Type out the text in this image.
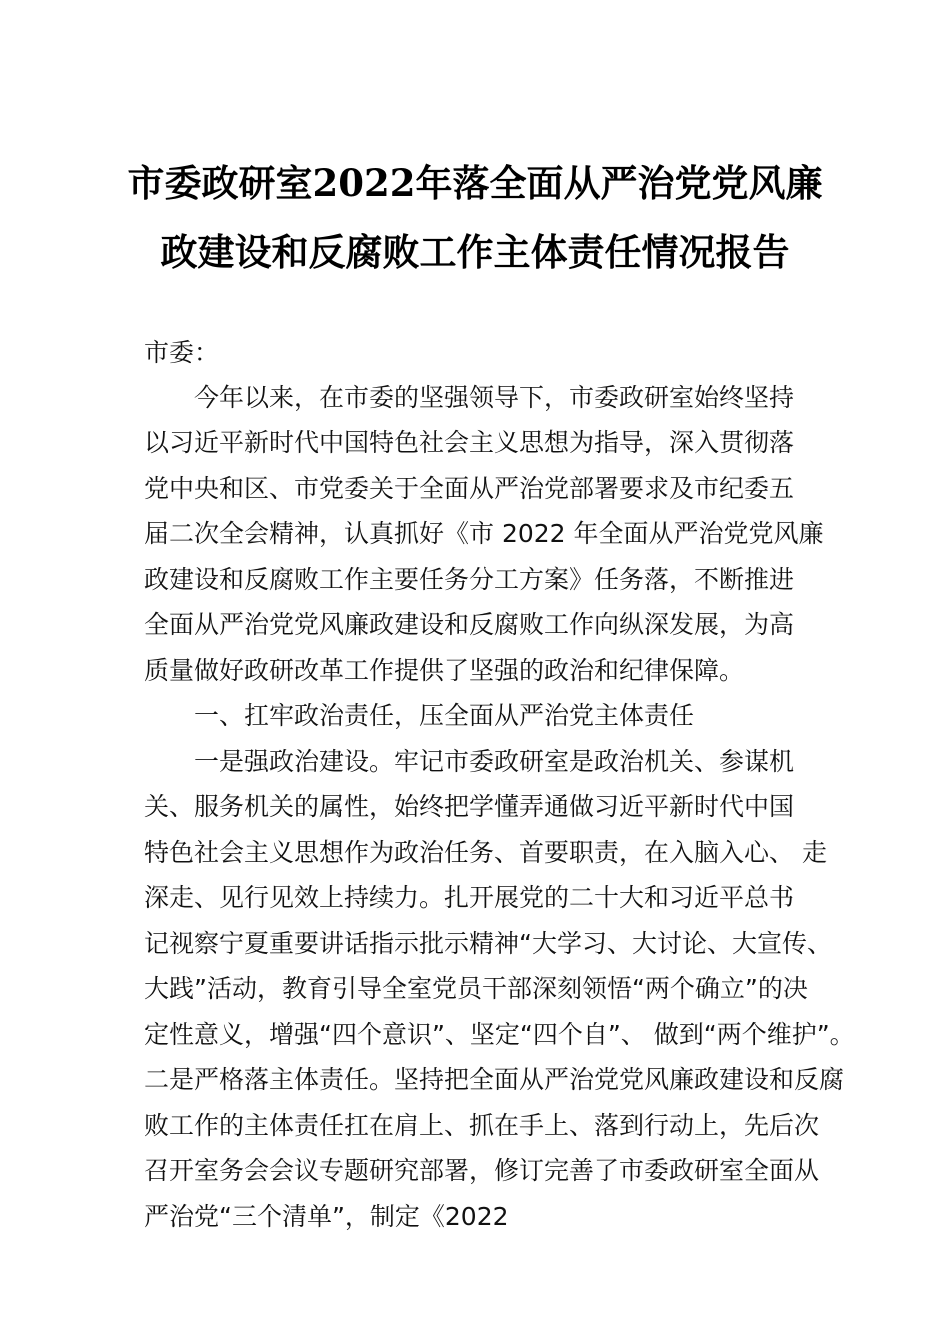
市委政研室2022年落全面从严治党党风廉
政建设和反腐败工作主体责任情况报告
市委：
今年以来，在市委的坚强领导下，市委政研室始终坚持
以习近平新时代中国特色社会主义思想为指导，深入贯彻落
党中央和区、市党委关于全面从严治党部署要求及市纪委五
届二次全会精神，认真抓好《市 2022 年全面从严治党党风廉
政建设和反腐败工作主要任务分工方案》任务落，不断推进
全面从严治党党风廉政建设和反腐败工作向纵深发展，为高
质量做好政研改革工作提供了坚强的政治和纪律保障。
一、扛牢政治责任，压全面从严治党主体责任
一是强政治建设。牢记市委政研室是政治机关、参谋机
关、服务机关的属性，始终把学懂弄通做习近平新时代中国
特色社会主义思想作为政治任务、首要职责，在入脑入心、 走
深走、见行见效上持续力。扎开展党的二十大和习近平总书
记视察宁夏重要讲话指示批示精神“大学习、大讨论、大宣传、
大践”活动，教育引导全室党员干部深刻领悟“两个确立”的决
定性意义，增强“四个意识”、坚定“四个自”、 做到“两个维护”。
二是严格落主体责任。坚持把全面从严治党党风廉政建设和反腐
败工作的主体责任扛在肩上、抓在手上、落到行动上，先后次
召开室务会会议专题研究部署，修订完善了市委政研室全面从
严治党“三个清单”，制定《2022
